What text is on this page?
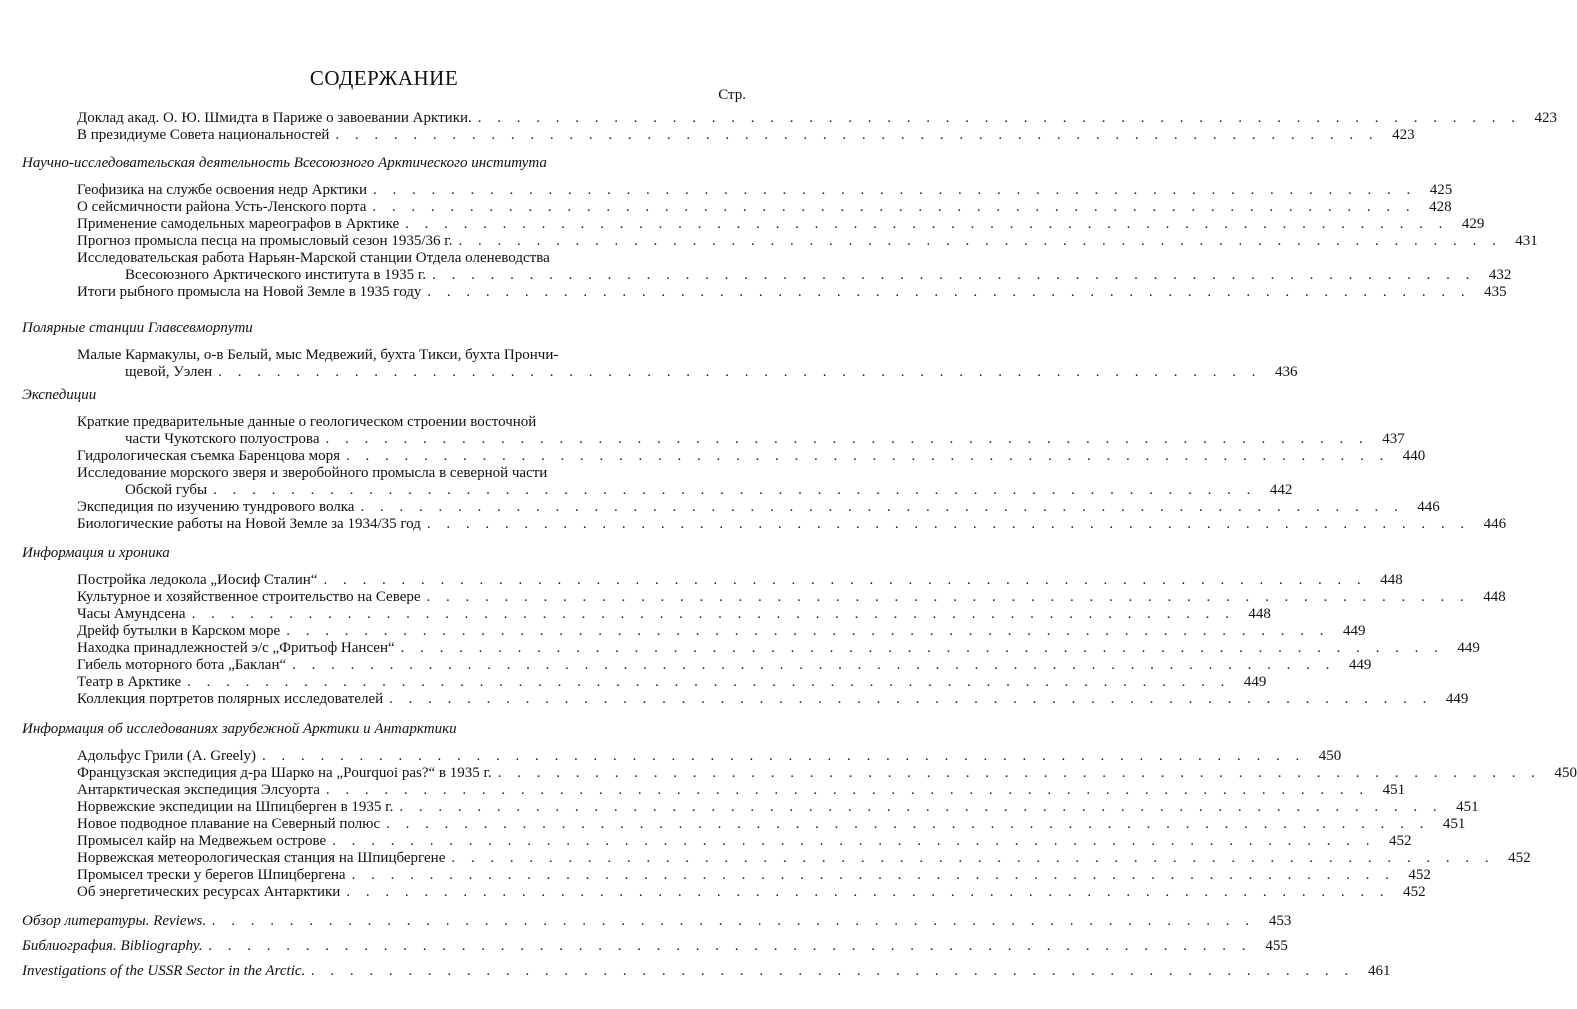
СОДЕРЖАНИЕ
Стр.
Доклад акад. О. Ю. Шмидта в Париже о завоевании Арктики. . . . . . . . . . . . . . . . . . . . . . . . . . . . . . . . . . . . . . . . . . . . . . . . . . . . . . . 423
В президиуме Совета национальностей . . . . . . . . . . . . . . . . . . . . . . . . . . . . . . . . . . . . . . . . . . . . . . . . . . . . . . 423
Научно-исследовательская деятельность Всесоюзного Арктического института
Геофизика на службе освоения недр Арктики . . . . . . . . . . . . . . . . . . . . . . . . . . . . . . . . . . . . . . . . . . . . . . . . . . . . . . 425
О сейсмичности района Усть-Ленского порта . . . . . . . . . . . . . . . . . . . . . . . . . . . . . . . . . . . . . . . . . . . . . . . . . . . . . . 428
Применение самодельных мареографов в Арктике . . . . . . . . . . . . . . . . . . . . . . . . . . . . . . . . . . . . . . . . . . . . . . . . . . . . . . 429
Прогноз промысла песца на промысловый сезон 1935/36 г. . . . . . . . . . . . . . . . . . . . . . . . . . . . . . . . . . . . . . . . . . . . . . . . . . . . . . . 431
Исследовательская работа Нарьян-Марской станции Отдела оленеводства
Всесоюзного Арктического института в 1935 г. . . . . . . . . . . . . . . . . . . . . . . . . . . . . . . . . . . . . . . . . . . . . . . . . . . . . . . 432
Итоги рыбного промысла на Новой Земле в 1935 году . . . . . . . . . . . . . . . . . . . . . . . . . . . . . . . . . . . . . . . . . . . . . . . . . . . . . . 435
Полярные станции Главсевморпути
Малые Кармакулы, о-в Белый, мыс Медвежий, бухта Тикси, бухта Прончи-
щевой, Уэлен . . . . . . . . . . . . . . . . . . . . . . . . . . . . . . . . . . . . . . . . . . . . . . . . . . . . . . 436
Экспедиции
Краткие предварительные данные о геологическом строении восточной
части Чукотского полуострова . . . . . . . . . . . . . . . . . . . . . . . . . . . . . . . . . . . . . . . . . . . . . . . . . . . . . . 437
Гидрологическая съемка Баренцова моря . . . . . . . . . . . . . . . . . . . . . . . . . . . . . . . . . . . . . . . . . . . . . . . . . . . . . . 440
Исследование морского зверя и зверобойного промысла в северной части
Обской губы . . . . . . . . . . . . . . . . . . . . . . . . . . . . . . . . . . . . . . . . . . . . . . . . . . . . . . 442
Экспедиция по изучению тундрового волка . . . . . . . . . . . . . . . . . . . . . . . . . . . . . . . . . . . . . . . . . . . . . . . . . . . . . . 446
Биологические работы на Новой Земле за 1934/35 год . . . . . . . . . . . . . . . . . . . . . . . . . . . . . . . . . . . . . . . . . . . . . . . . . . . . . . 446
Информация и хроника
Постройка ледокола „Иосиф Сталин“ . . . . . . . . . . . . . . . . . . . . . . . . . . . . . . . . . . . . . . . . . . . . . . . . . . . . . . 448
Культурное и хозяйственное строительство на Севере . . . . . . . . . . . . . . . . . . . . . . . . . . . . . . . . . . . . . . . . . . . . . . . . . . . . . . 448
Часы Амундсена . . . . . . . . . . . . . . . . . . . . . . . . . . . . . . . . . . . . . . . . . . . . . . . . . . . . . . 448
Дрейф бутылки в Карском море . . . . . . . . . . . . . . . . . . . . . . . . . . . . . . . . . . . . . . . . . . . . . . . . . . . . . . 449
Находка принадлежностей э/с „Фритьоф Нансен“ . . . . . . . . . . . . . . . . . . . . . . . . . . . . . . . . . . . . . . . . . . . . . . . . . . . . . . 449
Гибель моторного бота „Баклан“ . . . . . . . . . . . . . . . . . . . . . . . . . . . . . . . . . . . . . . . . . . . . . . . . . . . . . . 449
Театр в Арктике . . . . . . . . . . . . . . . . . . . . . . . . . . . . . . . . . . . . . . . . . . . . . . . . . . . . . . 449
Коллекция портретов полярных исследователей . . . . . . . . . . . . . . . . . . . . . . . . . . . . . . . . . . . . . . . . . . . . . . . . . . . . . . 449
Информация об исследованиях зарубежной Арктики и Антарктики
Адольфус Грили (A. Greely) . . . . . . . . . . . . . . . . . . . . . . . . . . . . . . . . . . . . . . . . . . . . . . . . . . . . . . 450
Французская экспедиция д-ра Шарко на „Pourquoi pas?“ в 1935 г. . . . . . . . . . . . . . . . . . . . . . . . . . . . . . . . . . . . . . . . . . . . . . . . . . . . . . . 450
Антарктическая экспедиция Элсуорта . . . . . . . . . . . . . . . . . . . . . . . . . . . . . . . . . . . . . . . . . . . . . . . . . . . . . . 451
Норвежские экспедиции на Шпицберген в 1935 г. . . . . . . . . . . . . . . . . . . . . . . . . . . . . . . . . . . . . . . . . . . . . . . . . . . . . . . 451
Новое подводное плавание на Северный полюс . . . . . . . . . . . . . . . . . . . . . . . . . . . . . . . . . . . . . . . . . . . . . . . . . . . . . . 451
Промысел кайр на Медвежьем острове . . . . . . . . . . . . . . . . . . . . . . . . . . . . . . . . . . . . . . . . . . . . . . . . . . . . . . 452
Норвежская метеорологическая станция на Шпицбергене . . . . . . . . . . . . . . . . . . . . . . . . . . . . . . . . . . . . . . . . . . . . . . . . . . . . . . 452
Промысел трески у берегов Шпицбергена . . . . . . . . . . . . . . . . . . . . . . . . . . . . . . . . . . . . . . . . . . . . . . . . . . . . . . 452
Об энергетических ресурсах Антарктики . . . . . . . . . . . . . . . . . . . . . . . . . . . . . . . . . . . . . . . . . . . . . . . . . . . . . . 452
Обзор литературы. Reviews. . . . . . . . . . . . . . . . . . . . . . . . . . . . . . . . . . . . . . . . . . . . . . . . . . . . . . . 453
Библиография. Bibliography. . . . . . . . . . . . . . . . . . . . . . . . . . . . . . . . . . . . . . . . . . . . . . . . . . . . . . . 455
Investigations of the USSR Sector in the Arctic. . . . . . . . . . . . . . . . . . . . . . . . . . . . . . . . . . . . . . . . . . . . . . . . . . . . . . . 461
